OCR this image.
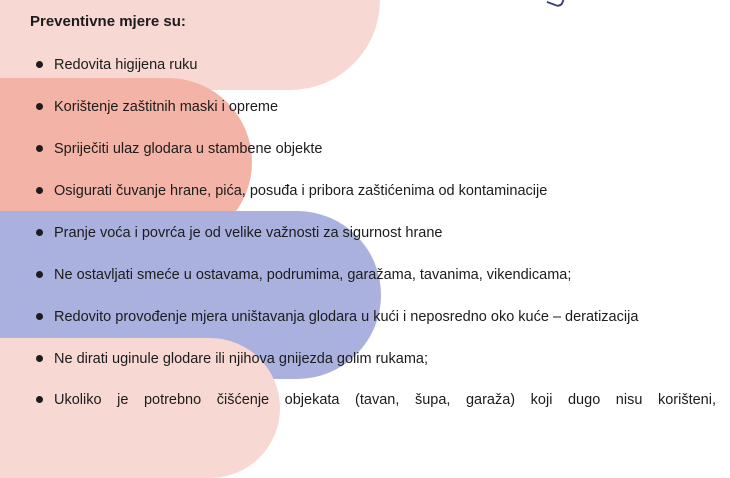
Preventivne mjere su:
Redovita higijena ruku
Korištenje zaštitnih maski i opreme
Spriječiti ulaz glodara u stambene objekte
Osigurati čuvanje hrane, pića, posuđa i pribora zaštićenima od kontaminacije
Pranje voća i povrća je od velike važnosti za sigurnost hrane
Ne ostavljati smeće u ostavama, podrumima, garažama, tavanima, vikendicama;
Redovito provođenje mjera uništavanja glodara u kući i neposredno oko kuće – deratizacija
Ne dirati uginule glodare ili njihova gnijezda golim rukama;
Ukoliko je potrebno čišćenje objekata (tavan, šupa, garaža) koji dugo nisu korišteni,
